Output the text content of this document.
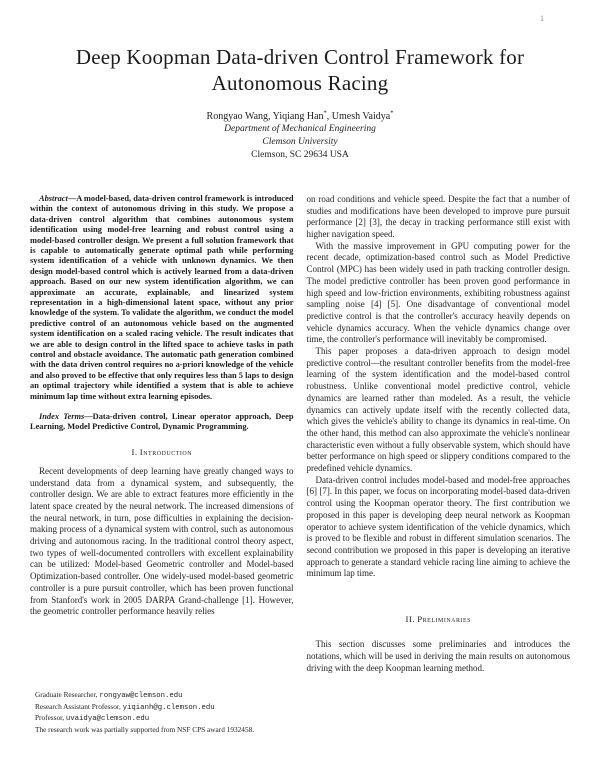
1
Deep Koopman Data-driven Control Framework for Autonomous Racing
Rongyao Wang, Yiqiang Han*, Umesh Vaidya*
Department of Mechanical Engineering
Clemson University
Clemson, SC 29634 USA

Abstract—A model-based, data-driven control framework is introduced within the context of autonomous driving in this study. We propose a data-driven control algorithm that combines autonomous system identification using model-free learning and robust control using a model-based controller design. We present a full solution framework that is capable to automatically generate optimal path while performing system identification of a vehicle with unknown dynamics. We then design model-based control which is actively learned from a data-driven approach. Based on our new system identification algorithm, we can approximate an accurate, explainable, and linearized system representation in a high-dimensional latent space, without any prior knowledge of the system. To validate the algorithm, we conduct the model predictive control of an autonomous vehicle based on the augmented system identification on a scaled racing vehicle. The result indicates that we are able to design control in the lifted space to achieve tasks in path control and obstacle avoidance. The automatic path generation combined with the data driven control requires no a-priori knowledge of the vehicle and also proved to be effective that only requires less than 5 laps to design an optimal trajectory while identified a system that is able to achieve minimum lap time without extra learning episodes.

Index Terms—Data-driven control, Linear operator approach, Deep Learning, Model Predictive Control, Dynamic Programming.

I. Introduction

Recent developments of deep learning have greatly changed ways to understand data from a dynamical system, and subsequently, the controller design. We are able to extract features more efficiently in the latent space created by the neural network. The increased dimensions of the neural network, in turn, pose difficulties in explaining the decision-making process of a dynamical system with control, such as autonomous driving and autonomous racing. In the traditional control theory aspect, two types of well-documented controllers with excellent explainability can be utilized: Model-based Geometric controller and Model-based Optimization-based controller. One widely-used model-based geometric controller is a pure pursuit controller, which has been proven functional from Stanford's work in 2005 DARPA Grand-challenge [1]. However, the geometric controller performance heavily relies

Graduate Researcher, rongyaw@clemson.edu
Research Assistant Professor, yiqianh@g.clemson.edu
Professor, uvaidya@clemson.edu
The research work was partially supported from NSF CPS award 1932458.

on road conditions and vehicle speed. Despite the fact that a number of studies and modifications have been developed to improve pure pursuit performance [2] [3], the decay in tracking performance still exist with higher navigation speed.

With the massive improvement in GPU computing power for the recent decade, optimization-based control such as Model Predictive Control (MPC) has been widely used in path tracking controller design. The model predictive controller has been proven good performance in high speed and low-friction environments, exhibiting robustness against sampling noise [4] [5]. One disadvantage of conventional model predictive control is that the controller's accuracy heavily depends on vehicle dynamics accuracy. When the vehicle dynamics change over time, the controller's performance will inevitably be compromised.

This paper proposes a data-driven approach to design model predictive control—the resultant controller benefits from the model-free learning of the system identification and the model-based control robustness. Unlike conventional model predictive control, vehicle dynamics are learned rather than modeled. As a result, the vehicle dynamics can actively update itself with the recently collected data, which gives the vehicle's ability to change its dynamics in real-time. On the other hand, this method can also approximate the vehicle's nonlinear characteristic even without a fully observable system, which should have better performance on high speed or slippery conditions compared to the predefined vehicle dynamics.

Data-driven control includes model-based and model-free approaches [6] [7]. In this paper, we focus on incorporating model-based data-driven control using the Koopman operator theory. The first contribution we proposed in this paper is developing deep neural network as Koopman operator to achieve system identification of the vehicle dynamics, which is proved to be flexible and robust in different simulation scenarios. The second contribution we proposed in this paper is developing an iterative approach to generate a standard vehicle racing line aiming to achieve the minimum lap time.

II. Preliminaries

This section discusses some preliminaries and introduces the notations, which will be used in deriving the main results on autonomous driving with the deep Koopman learning method.
